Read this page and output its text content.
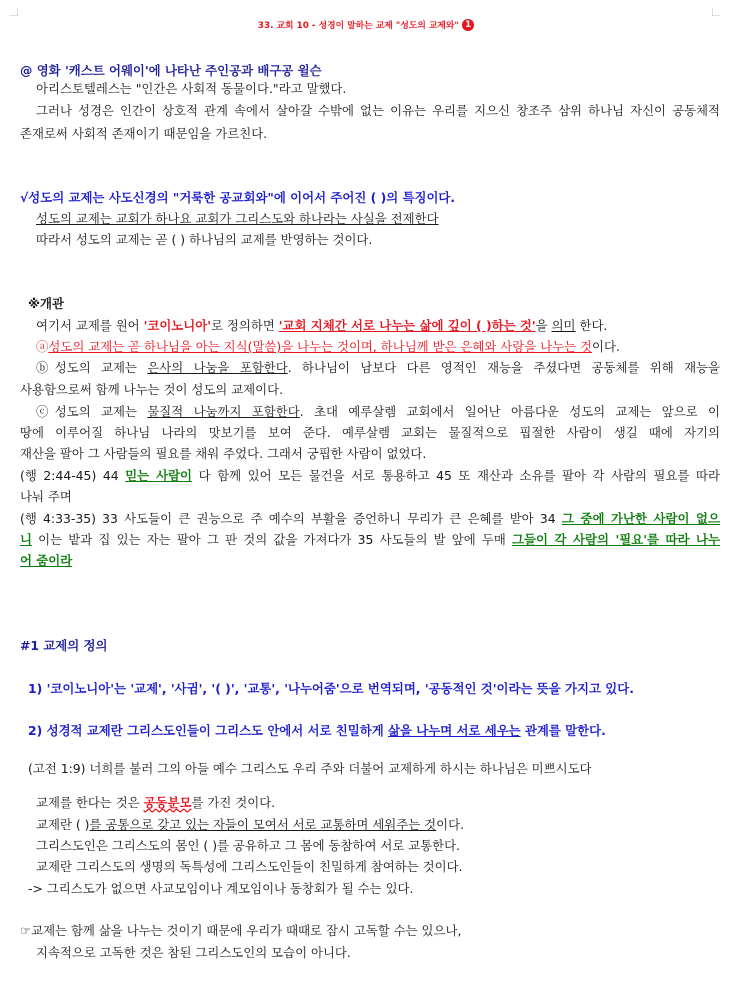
33. 교회 10 - 성경이 말하는 교제 "성도의 교제와" 1
@ 영화 '캐스트 어웨이'에 나타난 주인공과 배구공 윌슨
아리스토텔레스는 "인간은 사회적 동물이다."라고 말했다.
그러나 성경은 인간이 상호적 관계 속에서 살아갈 수밖에 없는 이유는 우리를 지으신 창조주 삼위 하나님 자신이 공동체적
존재로써 사회적 존재이기 때문임을 가르친다.
√성도의 교제는 사도신경의 "거룩한 공교회와"에 이어서 주어진 ( )의 특징이다.
성도의 교제는 교회가 하나요 교회가 그리스도와 하나라는 사실을 전제한다
따라서 성도의 교제는 곧 ( ) 하나님의 교제를 반영하는 것이다.
※개관
여기서 교제를 원어 '코이노니아'로 정의하면 '교회 지체간 서로 나누는 삶에 깊이 ( )하는 것'을 의미 한다.
ⓐ성도의 교제는 곧 하나님을 아는 지식(말씀)을 나누는 것이며, 하나님께 받은 은혜와 사랑을 나누는 것이다.
ⓑ성도의 교제는 은사의 나눔을 포함한다. 하나님이 남보다 다른 영적인 재능을 주셨다면 공동체를 위해 재능을
사용함으로써 함께 나누는 것이 성도의 교제이다.
ⓒ성도의 교제는 물질적 나눔까지 포함한다. 초대 예루살렘 교회에서 일어난 아름다운 성도의 교제는 앞으로 이
땅에 이루어질 하나님 나라의 맛보기를 보여 준다. 예루살렘 교회는 물질적으로 핍절한 사람이 생길 때에 자기의
재산을 팔아 그 사람들의 필요를 채워 주었다. 그래서 궁핍한 사람이 없었다.
(행 2:44-45) 44 믿는 사람이 다 함께 있어 모든 물건을 서로 통용하고 45 또 재산과 소유를 팔아 각 사람의 필요를 따라
나눠 주며
(행 4:33-35) 33 사도들이 큰 권능으로 주 예수의 부활을 증언하니 무리가 큰 은혜를 받아 34 그 중에 가난한 사람이 없으
니 이는 밭과 집 있는 자는 팔아 그 판 것의 값을 가져다가 35 사도들의 발 앞에 두매 그들이 각 사람의 '필요'를 따라 나누
어 줌이라
#1 교제의 정의
1) '코이노니아'는 '교제', '사귐', '( )', '교통', '나누어줌'으로 번역되며, '공동적인 것'이라는 뜻을 가지고 있다.
2) 성경적 교제란 그리스도인들이 그리스도 안에서 서로 친밀하게 삶을 나누며 서로 세우는 관계를 말한다.
(고전 1:9) 너희를 불러 그의 아들 예수 그리스도 우리 주와 더불어 교제하게 하시는 하나님은 미쁘시도다
교제를 한다는 것은 공동분모를 가진 것이다.
교제란 ( )를 공통으로 갖고 있는 자들이 모여서 서로 교통하며 세워주는 것이다.
그리스도인은 그리스도의 몸인 ( )를 공유하고 그 몸에 동참하여 서로 교통한다.
교제란 그리스도의 생명의 독특성에 그리스도인들이 친밀하게 참여하는 것이다.
-> 그리스도가 없으면 사교모임이나 계모임이나 동창회가 될 수는 있다.
☞교제는 함께 삶을 나누는 것이기 때문에 우리가 때때로 잠시 고독할 수는 있으나,
지속적으로 고독한 것은 참된 그리스도인의 모습이 아니다.
